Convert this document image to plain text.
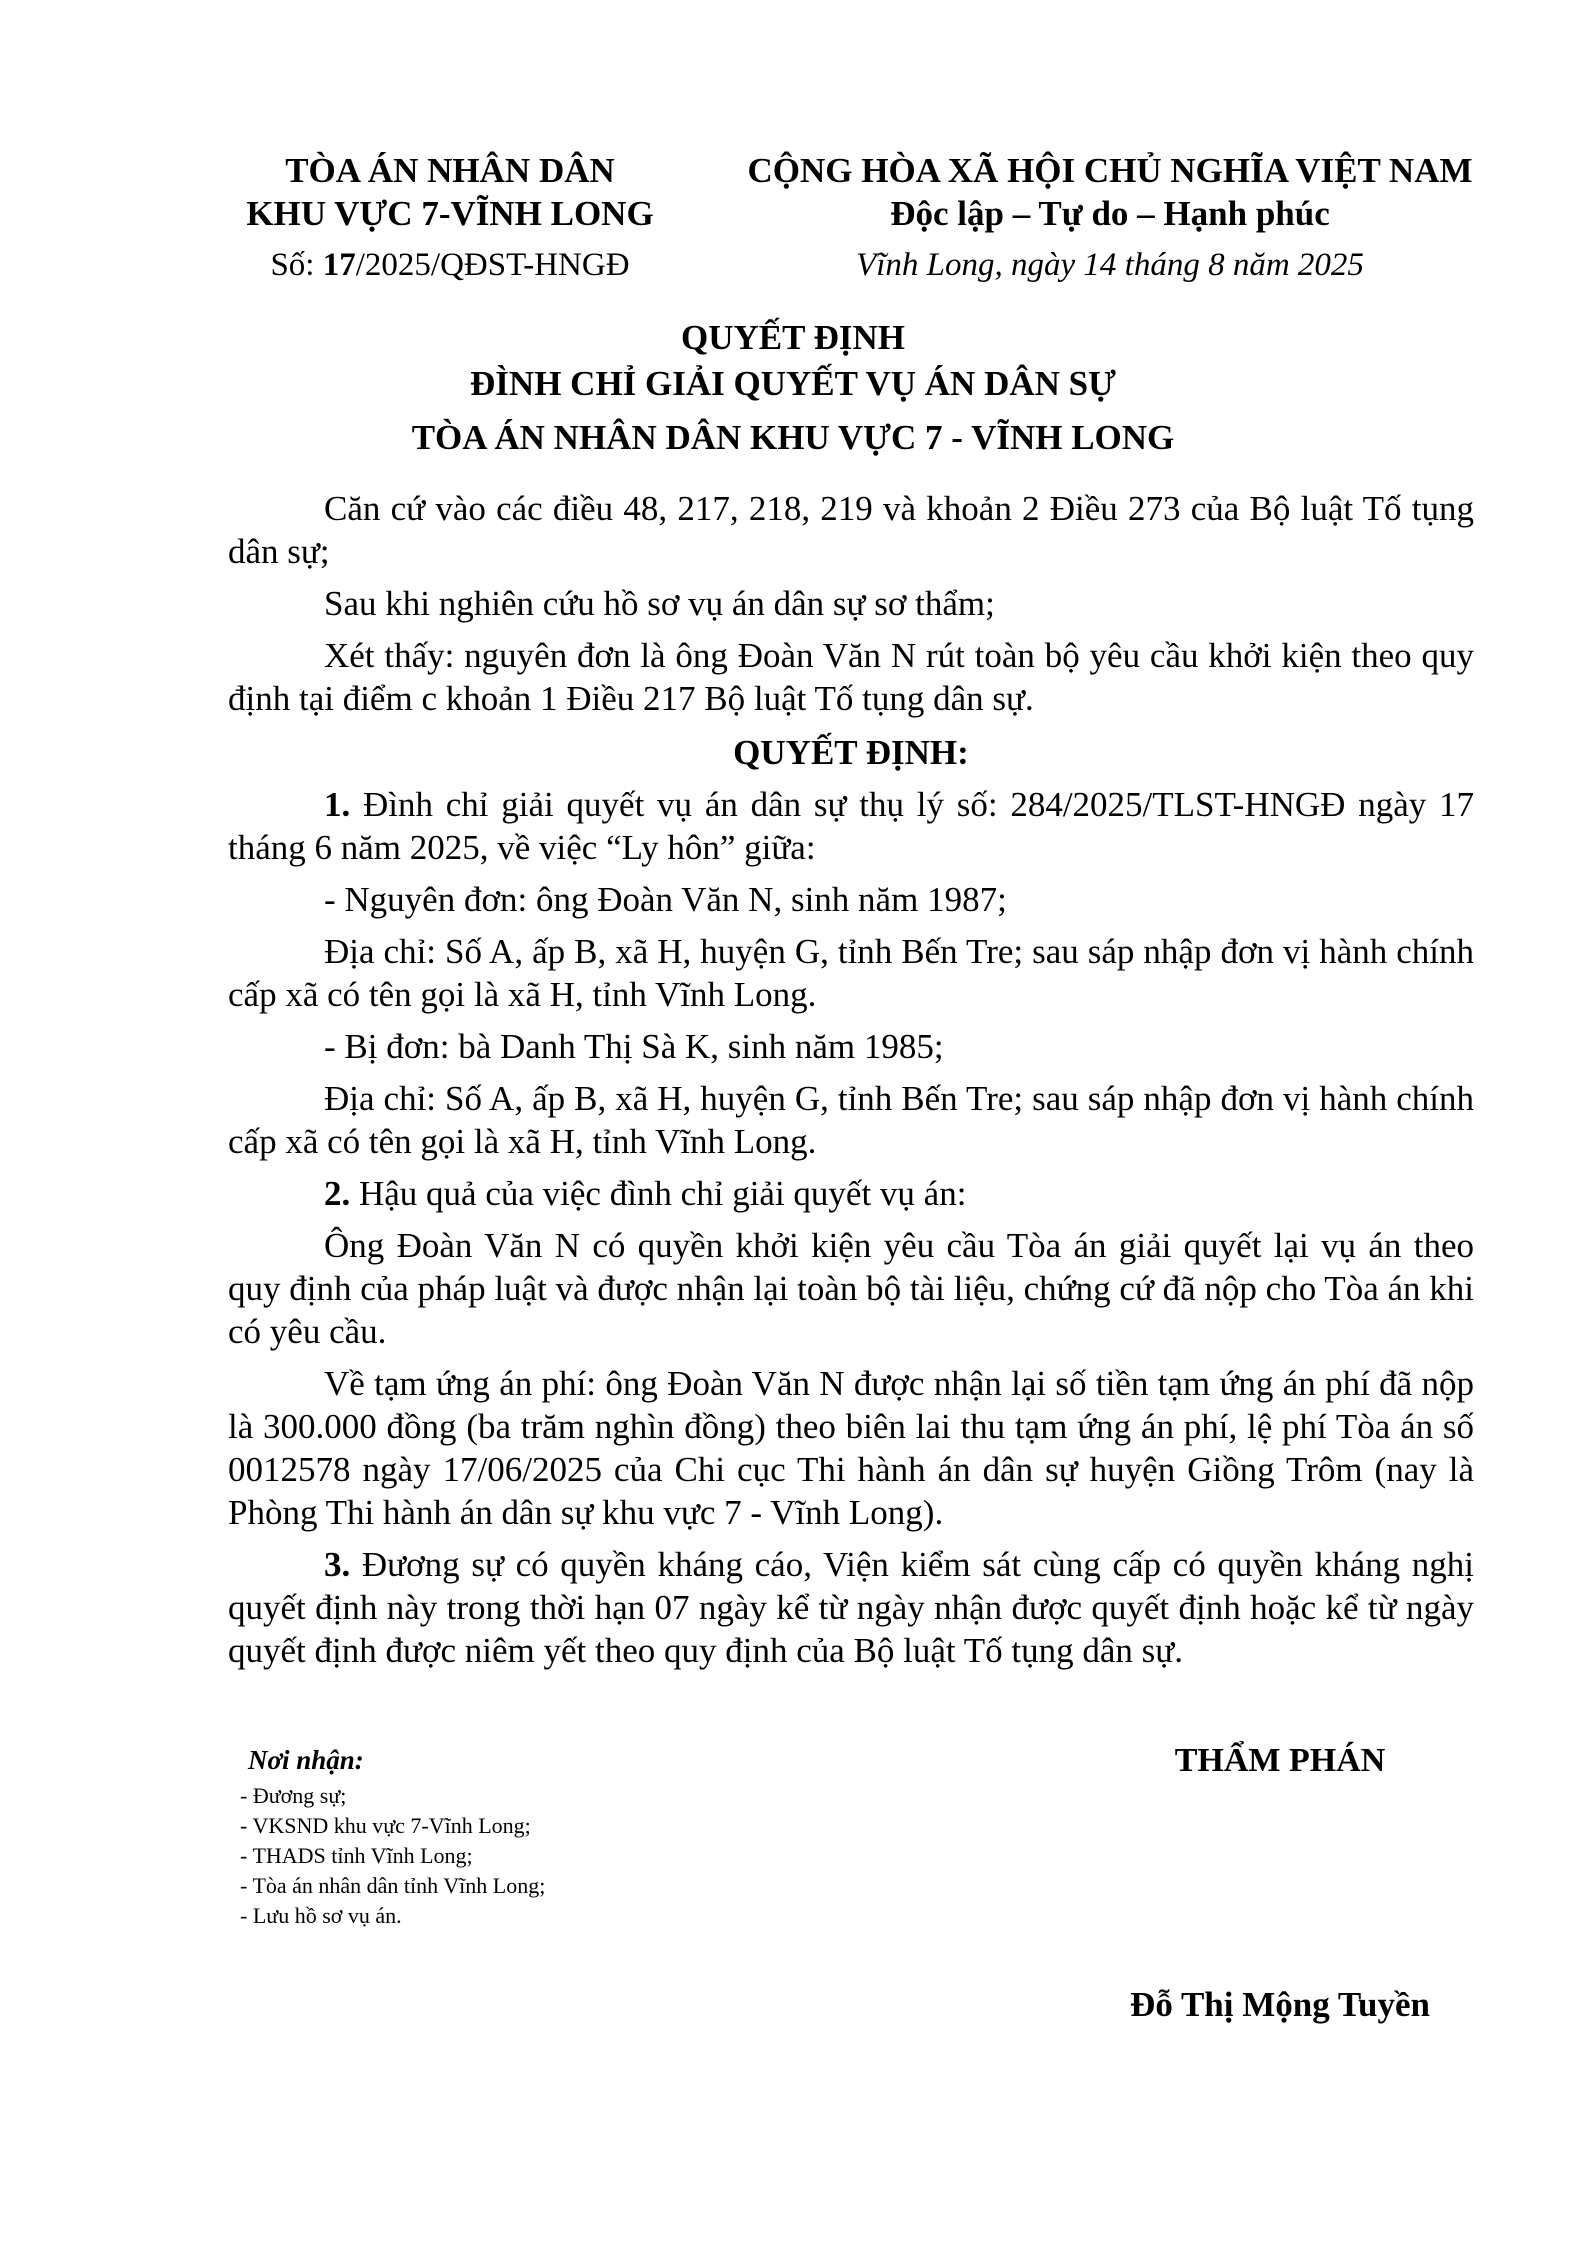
TÒA ÁN NHÂN DÂN
KHU VỰC 7-VĨNH LONG
Số: 17/2025/QĐST-HNGĐ
CỘNG HÒA XÃ HỘI CHỦ NGHĨA VIỆT NAM
Độc lập – Tự do – Hạnh phúc
Vĩnh Long, ngày 14 tháng 8 năm 2025
QUYẾT ĐỊNH
ĐÌNH CHỈ GIẢI QUYẾT VỤ ÁN DÂN SỰ
TÒA ÁN NHÂN DÂN KHU VỰC 7 - VĨNH LONG

Căn cứ vào các điều 48, 217, 218, 219 và khoản 2 Điều 273 của Bộ luật Tố tụng dân sự;

Sau khi nghiên cứu hồ sơ vụ án dân sự sơ thẩm;

Xét thấy: nguyên đơn là ông Đoàn Văn N rút toàn bộ yêu cầu khởi kiện theo quy định tại điểm c khoản 1 Điều 217 Bộ luật Tố tụng dân sự.

QUYẾT ĐỊNH:

1. Đình chỉ giải quyết vụ án dân sự thụ lý số: 284/2025/TLST-HNGĐ ngày 17 tháng 6 năm 2025, về việc “Ly hôn” giữa:

- Nguyên đơn: ông Đoàn Văn N, sinh năm 1987;

Địa chỉ: Số A, ấp B, xã H, huyện G, tỉnh Bến Tre; sau sáp nhập đơn vị hành chính cấp xã có tên gọi là xã H, tỉnh Vĩnh Long.

- Bị đơn: bà Danh Thị Sà K, sinh năm 1985;

Địa chỉ: Số A, ấp B, xã H, huyện G, tỉnh Bến Tre; sau sáp nhập đơn vị hành chính cấp xã có tên gọi là xã H, tỉnh Vĩnh Long.

2. Hậu quả của việc đình chỉ giải quyết vụ án:

Ông Đoàn Văn N có quyền khởi kiện yêu cầu Tòa án giải quyết lại vụ án theo quy định của pháp luật và được nhận lại toàn bộ tài liệu, chứng cứ đã nộp cho Tòa án khi có yêu cầu.

Về tạm ứng án phí: ông Đoàn Văn N được nhận lại số tiền tạm ứng án phí đã nộp là 300.000 đồng (ba trăm nghìn đồng) theo biên lai thu tạm ứng án phí, lệ phí Tòa án số 0012578 ngày 17/06/2025 của Chi cục Thi hành án dân sự huyện Giồng Trôm (nay là Phòng Thi hành án dân sự khu vực 7 - Vĩnh Long).

3. Đương sự có quyền kháng cáo, Viện kiểm sát cùng cấp có quyền kháng nghị quyết định này trong thời hạn 07 ngày kể từ ngày nhận được quyết định hoặc kể từ ngày quyết định được niêm yết theo quy định của Bộ luật Tố tụng dân sự.

Nơi nhận:
- Đương sự;
- VKSND khu vực 7-Vĩnh Long;
- THADS tỉnh Vĩnh Long;
- Tòa án nhân dân tỉnh Vĩnh Long;
- Lưu hồ sơ vụ án.
THẨM PHÁN
Đỗ Thị Mộng Tuyền
